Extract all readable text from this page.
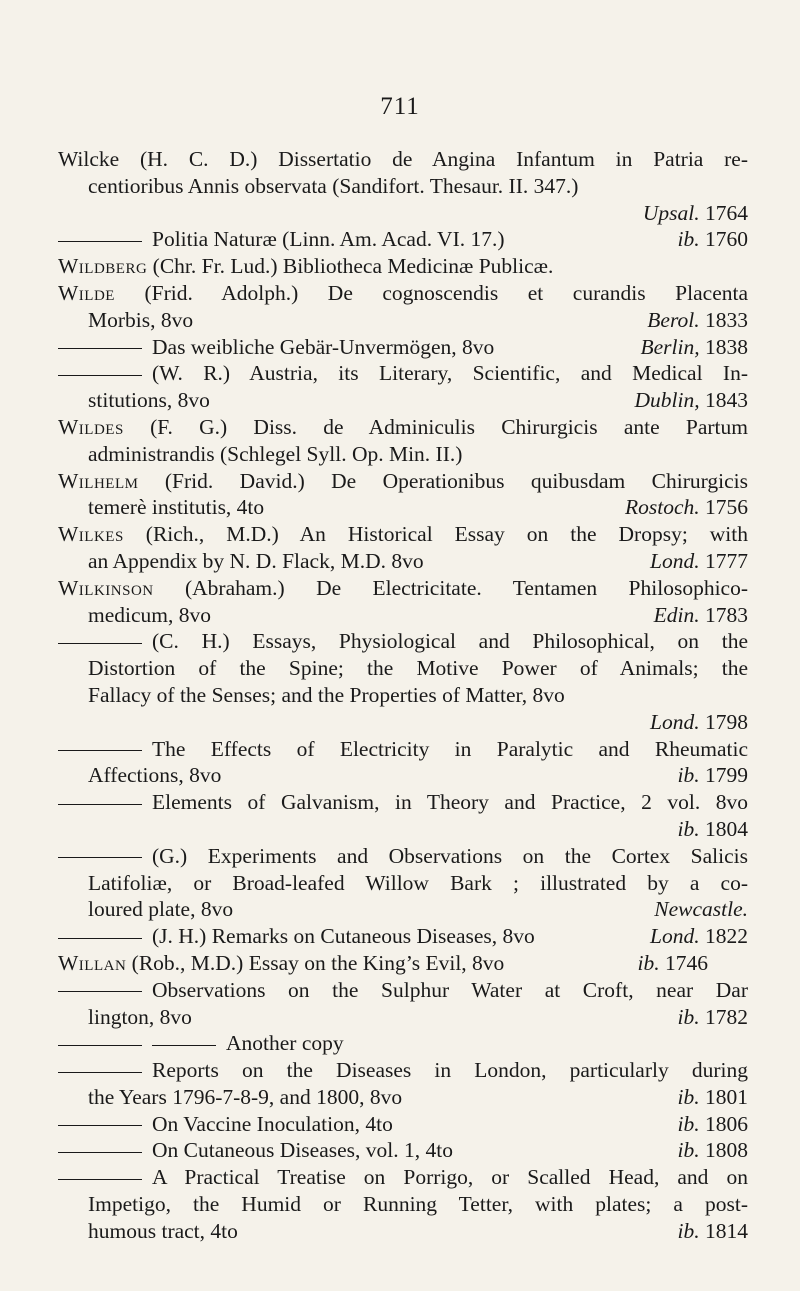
711
Wilcke (H. C. D.) Dissertatio de Angina Infantum in Patria re-
centioribus Annis observata (Sandifort. Thesaur. II. 347.)
Upsal. 1764
Politia Naturæ (Linn. Am. Acad. VI. 17.)	ib. 1760
Wildberg (Chr. Fr. Lud.) Bibliotheca Medicinæ Publicæ.
Wilde (Frid. Adolph.) De cognoscendis et curandis Placenta
Morbis, 8vo	Berol. 1833
Das weibliche Gebär-Unvermögen, 8vo	Berlin, 1838
(W. R.) Austria, its Literary, Scientific, and Medical In-
stitutions, 8vo	Dublin, 1843
Wildes (F. G.) Diss. de Adminiculis Chirurgicis ante Partum
administrandis (Schlegel Syll. Op. Min. II.)
Wilhelm (Frid. David.) De Operationibus quibusdam Chirurgicis
temerè institutis, 4to	Rostoch. 1756
Wilkes (Rich., M.D.) An Historical Essay on the Dropsy; with
an Appendix by N. D. Flack, M.D. 8vo	Lond. 1777
Wilkinson (Abraham.) De Electricitate. Tentamen Philosophico-
medicum, 8vo	Edin. 1783
(C. H.) Essays, Physiological and Philosophical, on the
Distortion of the Spine; the Motive Power of Animals; the
Fallacy of the Senses; and the Properties of Matter, 8vo
Lond. 1798
The Effects of Electricity in Paralytic and Rheumatic
Affections, 8vo	ib. 1799
Elements of Galvanism, in Theory and Practice, 2 vol. 8vo
ib. 1804
(G.) Experiments and Observations on the Cortex Salicis
Latifoliæ, or Broad-leafed Willow Bark ; illustrated by a co-
loured plate, 8vo	Newcastle.
(J. H.) Remarks on Cutaneous Diseases, 8vo	Lond. 1822
Willan (Rob., M.D.) Essay on the King’s Evil, 8vo	ib. 1746
Observations on the Sulphur Water at Croft, near Dar
lington, 8vo	ib. 1782
Another copy
Reports on the Diseases in London, particularly during
the Years 1796-7-8-9, and 1800, 8vo	ib. 1801
On Vaccine Inoculation, 4to	ib. 1806
On Cutaneous Diseases, vol. 1, 4to	ib. 1808
A Practical Treatise on Porrigo, or Scalled Head, and on
Impetigo, the Humid or Running Tetter, with plates; a post-
humous tract, 4to	ib. 1814
